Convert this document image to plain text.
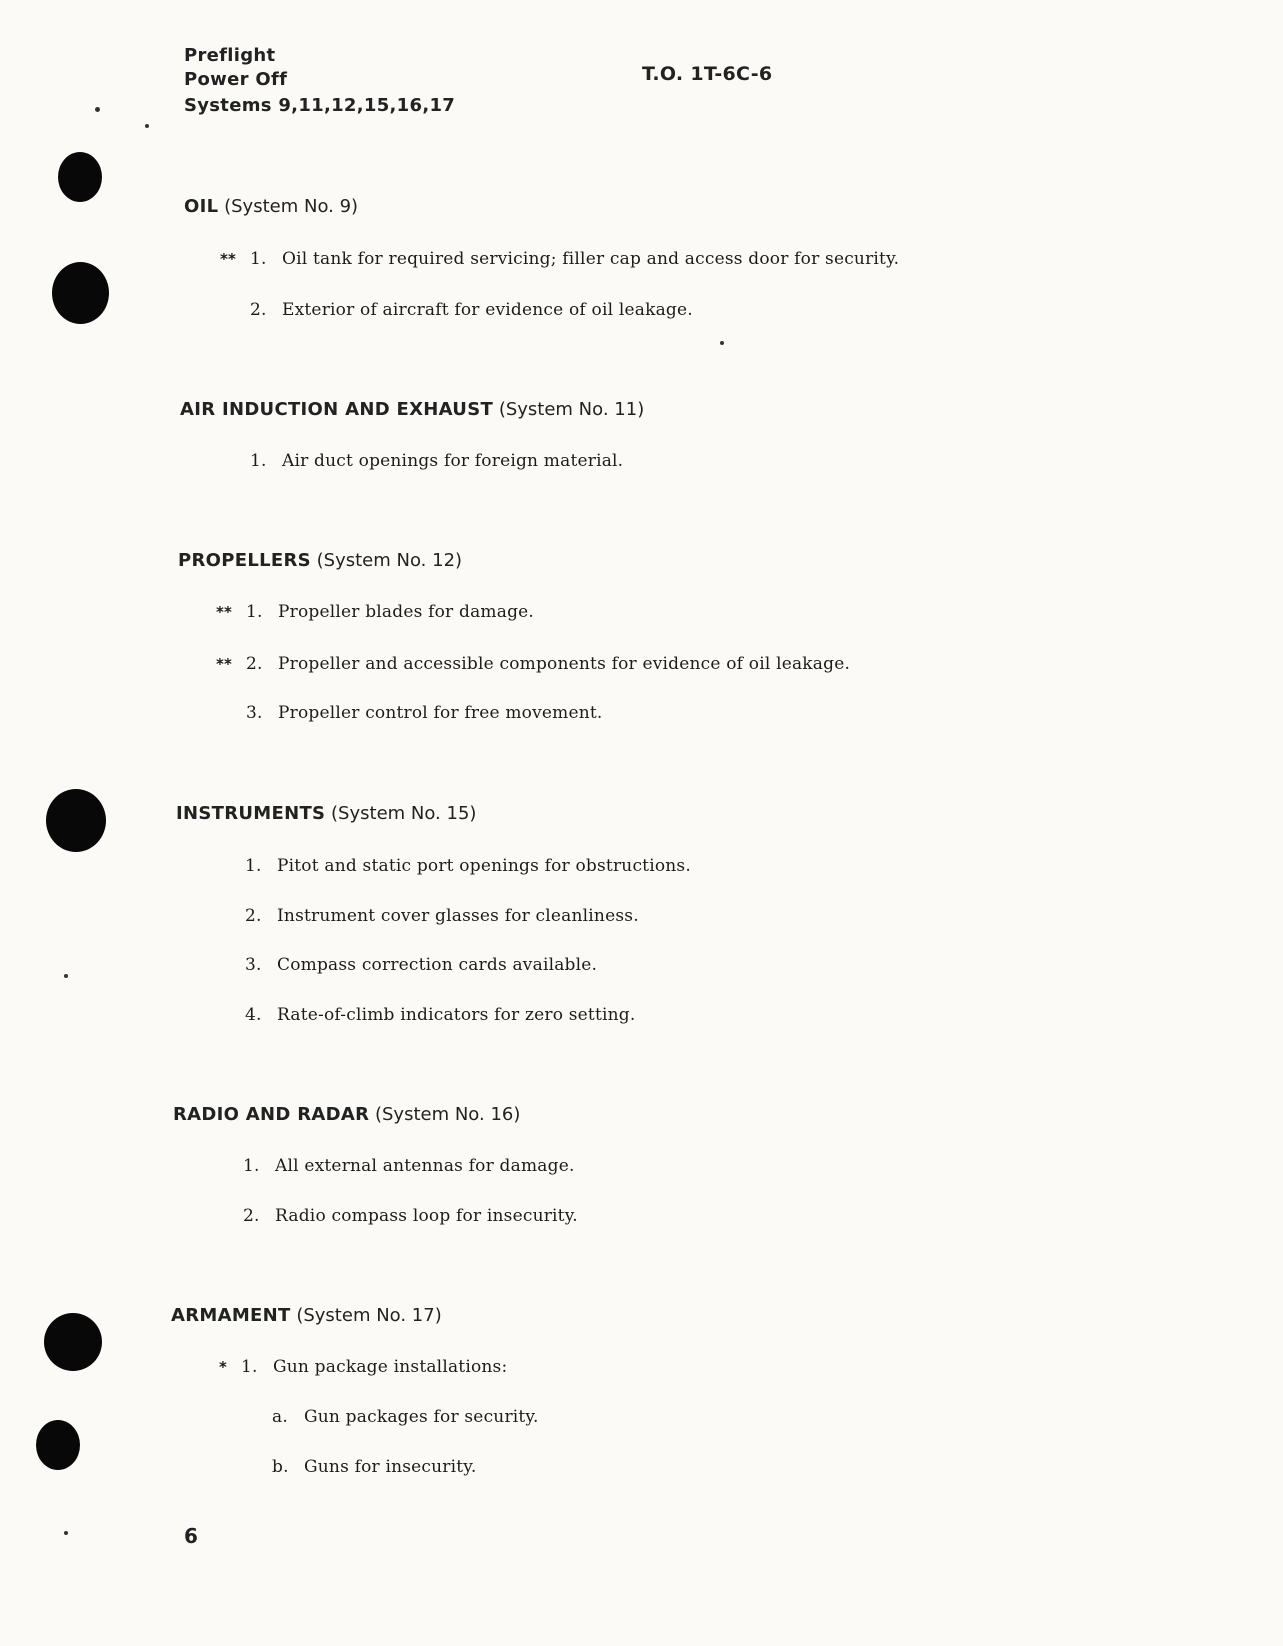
Preflight
Power Off
Systems 9,11,12,15,16,17
T.O. 1T-6C-6
OIL (System No. 9)
** 1. Oil tank for required servicing; filler cap and access door for security.
2. Exterior of aircraft for evidence of oil leakage.
AIR INDUCTION AND EXHAUST (System No. 11)
1. Air duct openings for foreign material.
PROPELLERS (System No. 12)
** 1. Propeller blades for damage.
** 2. Propeller and accessible components for evidence of oil leakage.
3. Propeller control for free movement.
INSTRUMENTS (System No. 15)
1. Pitot and static port openings for obstructions.
2. Instrument cover glasses for cleanliness.
3. Compass correction cards available.
4. Rate-of-climb indicators for zero setting.
RADIO AND RADAR (System No. 16)
1. All external antennas for damage.
2. Radio compass loop for insecurity.
ARMAMENT (System No. 17)
* 1. Gun package installations:
a. Gun packages for security.
b. Guns for insecurity.
6
